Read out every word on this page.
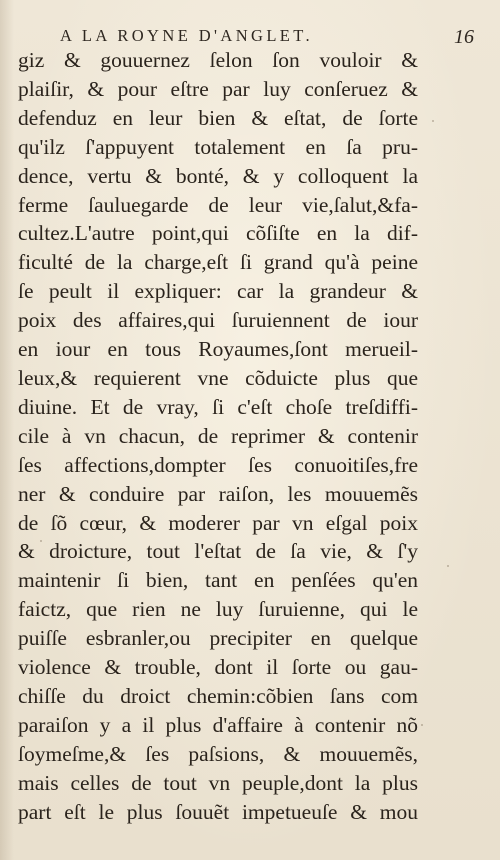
A LA ROYNE D'ANGLET.	16
giz & gouuernez ſelon ſon vouloir &
plaiſir, & pour eſtre par luy conſeruez &
defenduz en leur bien & eſtat, de ſorte
qu'ilz ſ'appuyent totalement en ſa pru-
dence, vertu & bonté, & y colloquent la
ferme ſauluegarde de leur vie,ſalut,&fa-
cultez.L'autre point,qui cõſiſte en la dif-
ficulté de la charge,eſt ſi grand qu'à peine
ſe peult il expliquer: car la grandeur &
poix des affaires,qui ſuruiennent de iour
en iour en tous Royaumes,ſont merueil-
leux,& requierent vne cõduicte plus que
diuine. Et de vray, ſi c'eſt choſe treſdiffi-
cile à vn chacun, de reprimer & contenir
ſes affections,dompter ſes conuoitiſes,fre
ner & conduire par raiſon, les mouuemẽs
de ſõ cœur, & moderer par vn eſgal poix
& droicture, tout l'eſtat de ſa vie, & ſ'y
maintenir ſi bien, tant en penſées qu'en
faictz, que rien ne luy ſuruienne, qui le
puiſſe esbranler,ou precipiter en quelque
violence & trouble, dont il ſorte ou gau-
chiſſe du droict chemin:cõbien ſans com
paraiſon y a il plus d'affaire à contenir nõ
ſoymeſme,& ſes paſsions, & mouuemẽs,
mais celles de tout vn peuple,dont la plus
part eſt le plus ſouuẽt impetueuſe & mou
